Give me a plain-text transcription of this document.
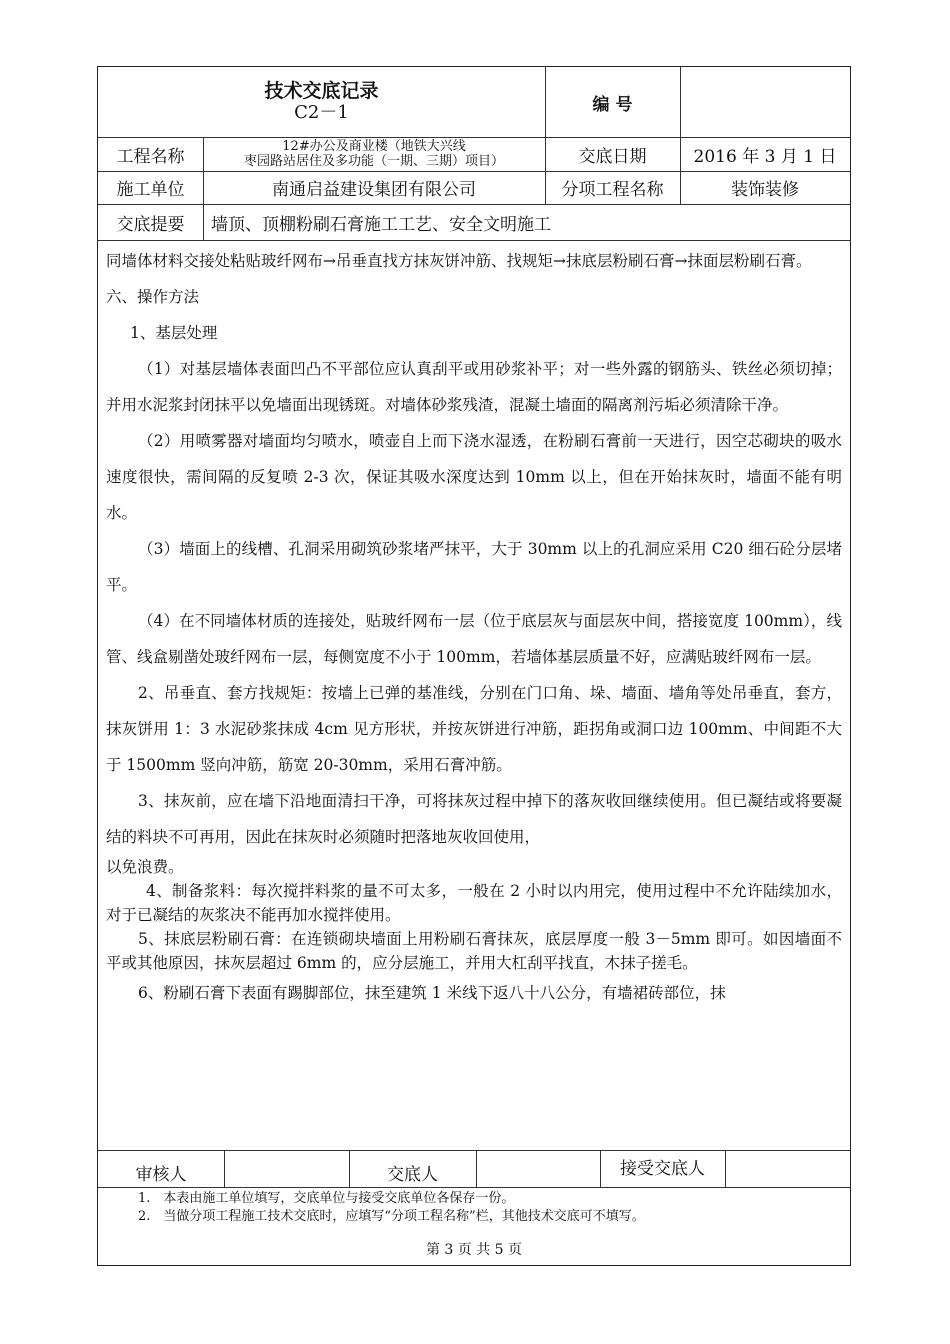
技术交底记录
C2－1	编 号
工程名称	12#办公及商业楼（地铁大兴线
枣园路站居住及多功能（一期、三期）项目）	交底日期	2016 年 3 月 1 日
施工单位	南通启益建设集团有限公司	分项工程名称	装饰装修
交底提要	墙顶、顶棚粉刷石膏施工工艺、安全文明施工

同墙体材料交接处粘贴玻纤网布→吊垂直找方抹灰饼冲筋、找规矩→抹底层粉刷石膏→抹面层粉刷石膏。

六、操作方法

1、基层处理

（1）对基层墙体表面凹凸不平部位应认真刮平或用砂浆补平；对一些外露的钢筋头、铁丝必须切掉；并用水泥浆封闭抹平以免墙面出现锈斑。对墙体砂浆残渣，混凝土墙面的隔离剂污垢必须清除干净。

（2）用喷雾器对墙面均匀喷水，喷壶自上而下浇水湿透，在粉刷石膏前一天进行，因空芯砌块的吸水速度很快，需间隔的反复喷 2-3 次，保证其吸水深度达到 10mm 以上，但在开始抹灰时，墙面不能有明水。

（3）墙面上的线槽、孔洞采用砌筑砂浆堵严抹平，大于 30mm 以上的孔洞应采用 C20 细石砼分层堵平。

（4）在不同墙体材质的连接处，贴玻纤网布一层（位于底层灰与面层灰中间，搭接宽度 100mm），线管、线盒剔凿处玻纤网布一层，每侧宽度不小于 100mm，若墙体基层质量不好，应满贴玻纤网布一层。

2、吊垂直、套方找规矩：按墙上已弹的基准线，分别在门口角、垛、墙面、墙角等处吊垂直，套方，抹灰饼用 1：3 水泥砂浆抹成 4cm 见方形状，并按灰饼进行冲筋，距拐角或洞口边 100mm、中间距不大于 1500mm 竖向冲筋，筋宽 20-30mm，采用石膏冲筋。

3、抹灰前，应在墙下沿地面清扫干净，可将抹灰过程中掉下的落灰收回继续使用。但已凝结或将要凝结的料块不可再用，因此在抹灰时必须随时把落地灰收回使用，

以免浪费。

4、制备浆料：每次搅拌料浆的量不可太多，一般在 2 小时以内用完，使用过程中不允许陆续加水，对于已凝结的灰浆决不能再加水搅拌使用。

5、抹底层粉刷石膏：在连锁砌块墙面上用粉刷石膏抹灰，底层厚度一般 3－5mm 即可。如因墙面不平或其他原因，抹灰层超过 6mm 的，应分层施工，并用大杠刮平找直，木抹子搓毛。

6、粉刷石膏下表面有踢脚部位，抹至建筑 1 米线下返八十八公分，有墙裙砖部位，抹

审核人	交底人	接受交底人
1.　本表由施工单位填写，交底单位与接受交底单位各保存一份。
2.　当做分项工程施工技术交底时，应填写“分项工程名称”栏，其他技术交底可不填写。
第 3 页 共 5 页
